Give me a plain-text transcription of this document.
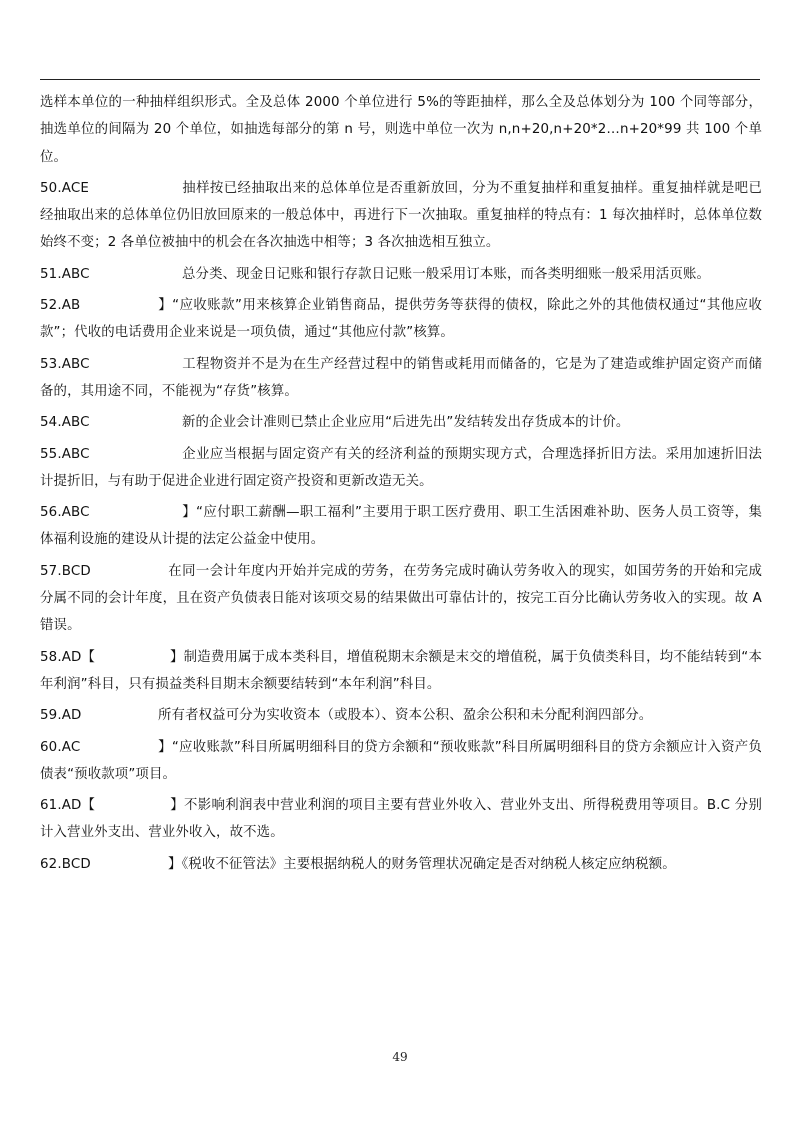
选样本单位的一种抽样组织形式。全及总体 2000 个单位进行 5%的等距抽样，那么全及总体划分为 100 个同等部分，抽选单位的间隔为 20 个单位，如抽选每部分的第 n 号，则选中单位一次为 n,n+20,n+20*2…n+20*99 共 100 个单位。

50.ACE	抽样按已经抽取出来的总体单位是否重新放回，分为不重复抽样和重复抽样。重复抽样就是吧已经抽取出来的总体单位仍旧放回原来的一般总体中，再进行下一次抽取。重复抽样的特点有：1 每次抽样时，总体单位数始终不变；2 各单位被抽中的机会在各次抽选中相等；3 各次抽选相互独立。

51.ABC	总分类、现金日记账和银行存款日记账一般采用订本账，而各类明细账一般采用活页账。

52.AB	】“应收账款”用来核算企业销售商品，提供劳务等获得的债权，除此之外的其他债权通过“其他应收款”；代收的电话费用企业来说是一项负债，通过“其他应付款”核算。

53.ABC	工程物资并不是为在生产经营过程中的销售或耗用而储备的，它是为了建造或维护固定资产而储备的，其用途不同，不能视为“存货”核算。

54.ABC	新的企业会计准则已禁止企业应用“后进先出”发结转发出存货成本的计价。

55.ABC	企业应当根据与固定资产有关的经济利益的预期实现方式，合理选择折旧方法。采用加速折旧法计提折旧，与有助于促进企业进行固定资产投资和更新改造无关。

56.ABC	】“应付职工薪酬—职工福利”主要用于职工医疗费用、职工生活困难补助、医务人员工资等，集体福利设施的建设从计提的法定公益金中使用。

57.BCD	在同一会计年度内开始并完成的劳务，在劳务完成时确认劳务收入的现实，如国劳务的开始和完成分属不同的会计年度，且在资产负债表日能对该项交易的结果做出可靠估计的，按完工百分比确认劳务收入的实现。故 A 错误。

58.AD【	】制造费用属于成本类科目，增值税期末余额是末交的增值税，属于负债类科目，均不能结转到“本年利润”科目，只有损益类科目期末余额要结转到“本年利润”科目。

59.AD	所有者权益可分为实收资本（或股本）、资本公积、盈余公积和未分配利润四部分。

60.AC	】“应收账款”科目所属明细科目的贷方余额和“预收账款”科目所属明细科目的贷方余额应计入资产负债表“预收款项”项目。

61.AD【	】不影响利润表中营业利润的项目主要有营业外收入、营业外支出、所得税费用等项目。B.C 分别计入营业外支出、营业外收入，故不选。

62.BCD	】《税收不征管法》主要根据纳税人的财务管理状况确定是否对纳税人核定应纳税额。

49
